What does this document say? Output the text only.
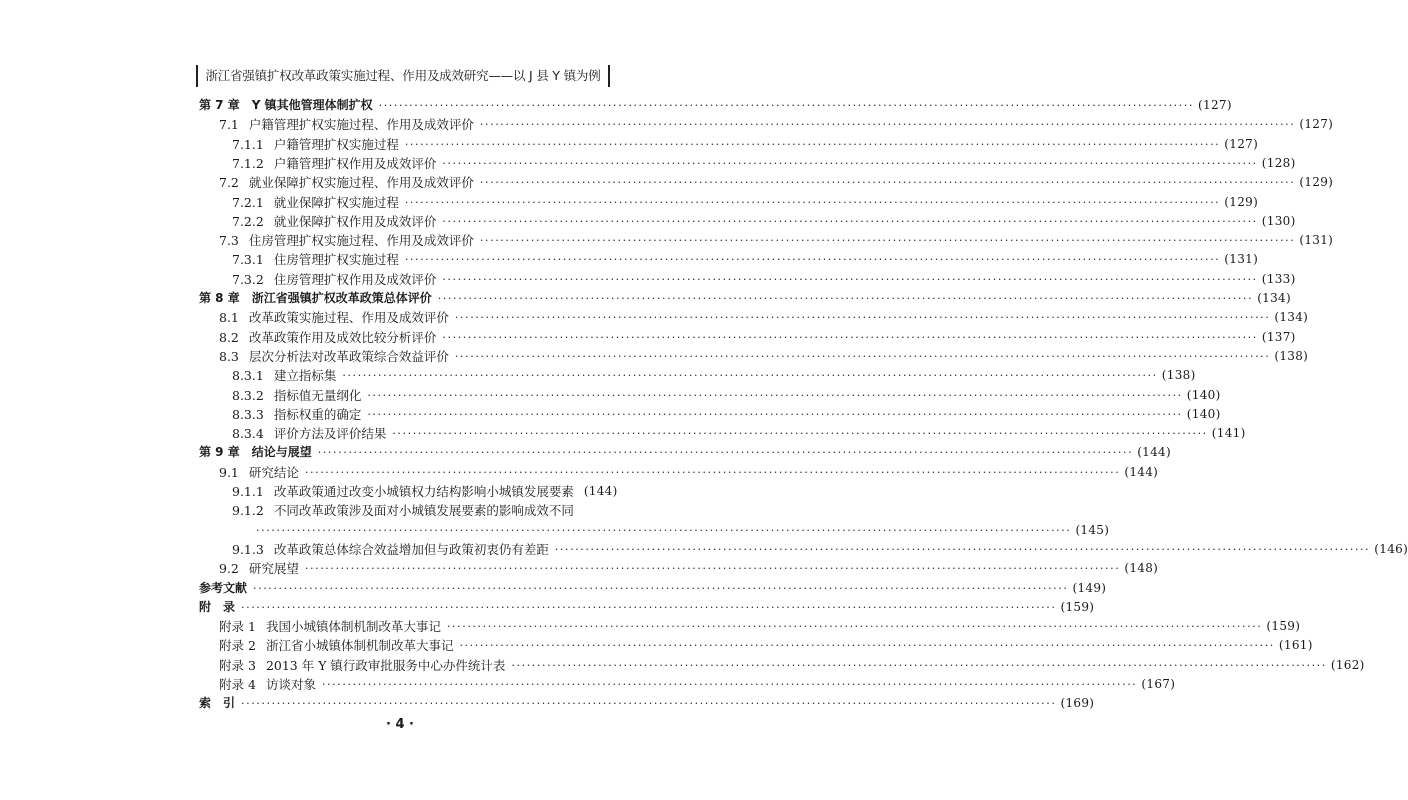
浙江省强镇扩权改革政策实施过程、作用及成效研究——以 J 县 Y 镇为例
第 7 章 Y 镇其他管理体制扩权 ································································································································································ (127)
7.1 户籍管理扩权实施过程、作用及成效评价 ································································································································································ (127)
7.1.1 户籍管理扩权实施过程 ································································································································································ (127)
7.1.2 户籍管理扩权作用及成效评价 ································································································································································ (128)
7.2 就业保障扩权实施过程、作用及成效评价 ································································································································································ (129)
7.2.1 就业保障扩权实施过程 ································································································································································ (129)
7.2.2 就业保障扩权作用及成效评价 ································································································································································ (130)
7.3 住房管理扩权实施过程、作用及成效评价 ································································································································································ (131)
7.3.1 住房管理扩权实施过程 ································································································································································ (131)
7.3.2 住房管理扩权作用及成效评价 ································································································································································ (133)
第 8 章 浙江省强镇扩权改革政策总体评价 ································································································································································ (134)
8.1 改革政策实施过程、作用及成效评价 ································································································································································ (134)
8.2 改革政策作用及成效比较分析评价 ································································································································································ (137)
8.3 层次分析法对改革政策综合效益评价 ································································································································································ (138)
8.3.1 建立指标集 ································································································································································ (138)
8.3.2 指标值无量纲化 ································································································································································ (140)
8.3.3 指标权重的确定 ································································································································································ (140)
8.3.4 评价方法及评价结果 ································································································································································ (141)
第 9 章 结论与展望 ································································································································································ (144)
9.1 研究结论 ································································································································································ (144)
9.1.1 改革政策通过改变小城镇权力结构影响小城镇发展要素 (144)
9.1.2 不同改革政策涉及面对小城镇发展要素的影响成效不同
································································································································································ (145)
9.1.3 改革政策总体综合效益增加但与政策初衷仍有差距 ································································································································································ (146)
9.2 研究展望 ································································································································································ (148)
参考文献 ································································································································································ (149)
附　录 ································································································································································ (159)
附录 1 我国小城镇体制机制改革大事记 ································································································································································ (159)
附录 2 浙江省小城镇体制机制改革大事记 ································································································································································ (161)
附录 3 2013 年 Y 镇行政审批服务中心办件统计表 ································································································································································ (162)
附录 4 访谈对象 ································································································································································ (167)
索　引 ································································································································································ (169)
· 4 ·
